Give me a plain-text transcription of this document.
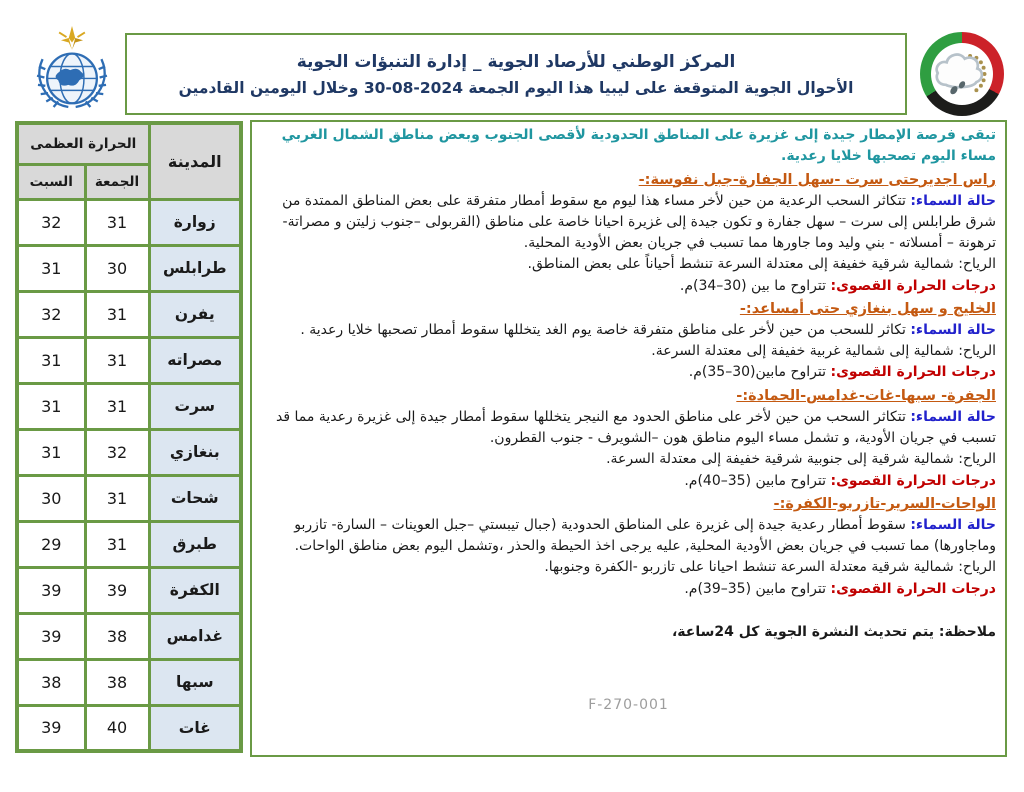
المركز الوطني للأرصاد الجوية _ إدارة التنبؤات الجوية
الأحوال الجوية المتوقعة على ليبيا هذا اليوم الجمعة 2024-08-30 وخلال اليومين القادمين
المدينة	الحرارة العظمى	
	الجمعة	السبت
زوارة	31	32
طرابلس	30	31
يفرن	31	32
مصراته	31	31
سرت	31	31
بنغازي	32	31
شحات	31	30
طبرق	31	29
الكفرة	39	39
غدامس	38	39
سبها	38	38
غات	40	39

تبقى فرصة الإمطار جيدة إلى غزيرة على المناطق الحدودية لأقصى الجنوب وبعض مناطق الشمال الغربي مساء اليوم تصحبها خلايا رعدية.

راس اجديرحتى سرت -سهل الجفارة-جبل نفوسة:-

حالة السماء: تتكاثر السحب الرعدية من حين لأخر مساء هذا ليوم مع سقوط أمطار متفرقة على بعض المناطق الممتدة من شرق طرابلس إلى سرت – سهل جفارة و تكون جيدة إلى غزيرة احيانا خاصة على مناطق (القربولى –جنوب زليتن و مصراتة- ترهونة – أمسلاته - بني وليد وما جاورها مما تسبب في جريان بعض الأودية المحلية.

الرياح: شمالية شرقية خفيفة إلى معتدلة السرعة تنشط أحياناً على بعض المناطق.

درجات الحرارة القصوى: تتراوح ما بين (30–34)م.

الخليج و سهل بنغازي حتى أمساعد:-

حالة السماء: تكاثر للسحب من حين لأخر على مناطق متفرقة خاصة يوم الغد يتخللها سقوط أمطار تصحبها خلايا رعدية .

الرياح: شمالية إلى شمالية غربية خفيفة إلى معتدلة السرعة.

درجات الحرارة القصوى: تتراوح مابين(30–35)م.

الجفرة- سبها-غات-غدامس-الحمادة:-

حالة السماء: تتكاثر السحب من حين لأخر على مناطق الحدود مع النيجر يتخللها سقوط أمطار جيدة إلى غزيرة رعدية مما قد تسبب في جريان الأودية، و تشمل مساء اليوم مناطق هون –الشويرف - جنوب القطرون.

الرياح: شمالية شرقية إلى جنوبية شرقية خفيفة إلى معتدلة السرعة.

درجات الحرارة القصوى: تتراوح مابين (35–40)م.

الواحات-السرير-تازربو-الكفرة:-

حالة السماء: سقوط أمطار رعدية جيدة إلى غزيرة على المناطق الحدودية (جبال تيبستي –جبل العوينات – السارة- تازربو وماجاورها) مما تسبب في جريان بعض الأودية المحلية, عليه يرجى اخذ الحيطة والحذر ،وتشمل اليوم بعض مناطق الواحات.

الرياح: شمالية شرقية معتدلة السرعة تنشط احيانا على تازربو -الكفرة وجنوبها.

درجات الحرارة القصوى: تتراوح مابين (35–39)م.

ملاحظة: يتم تحديث النشرة الجوية كل 24ساعة،

F-270-001
